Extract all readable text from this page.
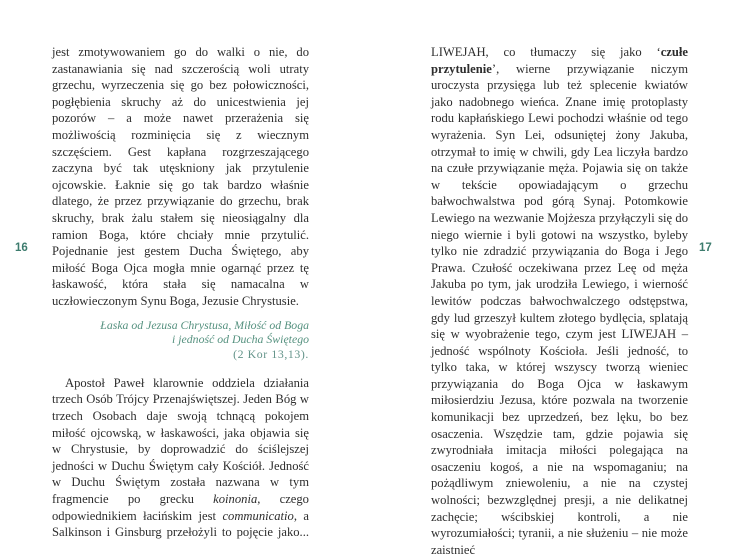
16

jest zmotywowaniem go do walki o nie, do zastanawiania się nad szczerością woli utraty grzechu, wyrzeczenia się go bez połowiczności, pogłębienia skruchy aż do unicestwienia jej pozorów – a może nawet przerażenia się możliwością rozminięcia się z wiecznym szczęściem. Gest kapłana rozgrzeszającego zaczyna być tak utęskniony jak przytulenie ojcowskie. Łaknie się go tak bardzo właśnie dlatego, że przez przywiązanie do grzechu, brak skruchy, brak żalu stałem się nieosiągalny dla ramion Boga, które chciały mnie przytulić. Pojednanie jest gestem Ducha Świętego, aby miłość Boga Ojca mogła mnie ogarnąć przez tę łaskawość, która stała się namacalna w uczłowieczonym Synu Boga, Jezusie Chrystusie.

Łaska od Jezusa Chrystusa, Miłość od Boga
i jedność od Ducha Świętego
(2 Kor 13,13).

Apostoł Paweł klarownie oddziela działania trzech Osób Trójcy Przenajświętszej. Jeden Bóg w trzech Osobach daje swoją tchnącą pokojem miłość ojcowską, w łaskawości, jaka objawia się w Chrystusie, by doprowadzić do ściślejszej jedności w Duchu Świętym cały Kościół. Jedność w Duchu Świętym została nazwana w tym fragmencie po grecku koinonia, czego odpowiednikiem łacińskim jest communicatio, a Salkinson i Ginsburg przełożyli to pojęcie jako...

17

LIWEJAH, co tłumaczy się jako ‘czułe przytulenie’, wierne przywiązanie niczym uroczysta przysięga lub też splecenie kwiatów jako nadobnego wieńca. Znane imię protoplasty rodu kapłańskiego Lewi pochodzi właśnie od tego wyrażenia. Syn Lei, odsuniętej żony Jakuba, otrzymał to imię w chwili, gdy Lea liczyła bardzo na czułe przywiązanie męża. Pojawia się on także w tekście opowiadającym o grzechu bałwochwalstwa pod górą Synaj. Potomkowie Lewiego na wezwanie Mojżesza przyłączyli się do niego wiernie i byli gotowi na wszystko, byleby tylko nie zdradzić przywiązania do Boga i Jego Prawa. Czułość oczekiwana przez Leę od męża Jakuba po tym, jak urodziła Lewiego, i wierność lewitów podczas bałwochwalczego odstępstwa, gdy lud grzeszył kultem złotego bydlęcia, splatają się w wyobrażenie tego, czym jest LIWEJAH – jedność wspólnoty Kościoła. Jeśli jedność, to tylko taka, w której wszyscy tworzą wieniec przywiązania do Boga Ojca w łaskawym miłosierdziu Jezusa, które pozwala na tworzenie komunikacji bez uprzedzeń, bez lęku, bo bez osaczenia. Wszędzie tam, gdzie pojawia się zwyrodniała imitacja miłości polegająca na osaczeniu kogoś, a nie na wspomaganiu; na pożądliwym zniewoleniu, a nie na czystej wolności; bezwzględnej presji, a nie delikatnej zachęcie; wścibskiej kontroli, a nie wyrozumiałości; tyranii, a nie służeniu – nie może zaistnieć
